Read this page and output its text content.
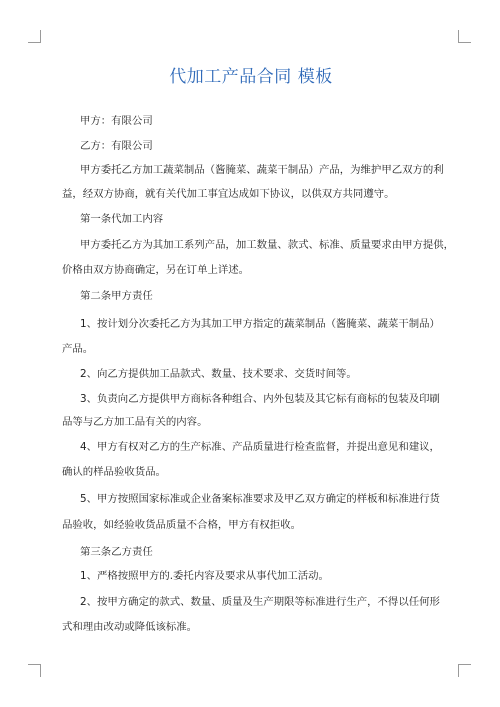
代加工产品合同 模板
甲方：有限公司
乙方：有限公司
甲方委托乙方加工蔬菜制品（酱腌菜、蔬菜干制品）产品，为维护甲乙双方的利
益，经双方协商，就有关代加工事宜达成如下协议，以供双方共同遵守。
第一条代加工内容
甲方委托乙方为其加工系列产品，加工数量、款式、标准、质量要求由甲方提供，
价格由双方协商确定，另在订单上详述。
第二条甲方责任
1、按计划分次委托乙方为其加工甲方指定的蔬菜制品（酱腌菜、蔬菜干制品）
产品。
2、向乙方提供加工品款式、数量、技术要求、交货时间等。
3、负责向乙方提供甲方商标各种组合、内外包装及其它标有商标的包装及印刷
品等与乙方加工品有关的内容。
4、甲方有权对乙方的生产标准、产品质量进行检查监督，并提出意见和建议，
确认的样品验收货品。
5、甲方按照国家标准或企业备案标准要求及甲乙双方确定的样板和标准进行货
品验收，如经验收货品质量不合格，甲方有权拒收。
第三条乙方责任
1、严格按照甲方的.委托内容及要求从事代加工活动。
2、按甲方确定的款式、数量、质量及生产期限等标准进行生产，不得以任何形
式和理由改动或降低该标准。
